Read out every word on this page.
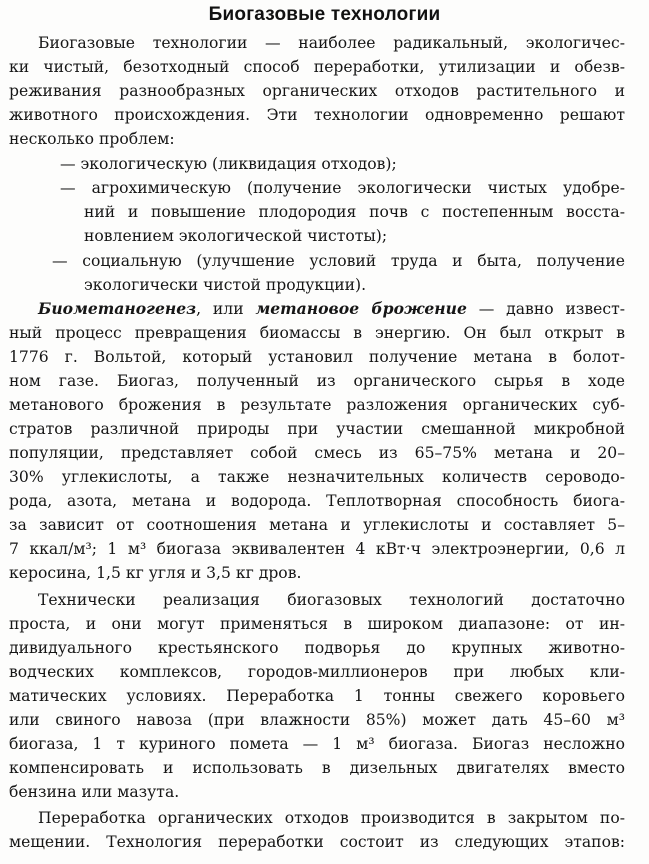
Биогазовые технологии
Биогазовые технологии — наиболее радикальный, экологичес-
ки чистый, безотходный способ переработки, утилизации и обезв-
реживания разнообразных органических отходов растительного и
животного происхождения. Эти технологии одновременно решают
несколько проблем:
— экологическую (ликвидация отходов);
— агрохимическую (получение экологически чистых удобре-
ний и повышение плодородия почв с постепенным восста-
новлением экологической чистоты);
— социальную (улучшение условий труда и быта, получение
экологически чистой продукции).
Биометаногенез, или метановое брожение — давно извест-
ный процесс превращения биомассы в энергию. Он был открыт в
1776 г. Вольтой, который установил получение метана в болот-
ном газе. Биогаз, полученный из органического сырья в ходе
метанового брожения в результате разложения органических суб-
стратов различной природы при участии смешанной микробной
популяции, представляет собой смесь из 65–75% метана и 20–
30% углекислоты, а также незначительных количеств сероводо-
рода, азота, метана и водорода. Теплотворная способность биога-
за зависит от соотношения метана и углекислоты и составляет 5–
7 ккал/м³; 1 м³ биогаза эквивалентен 4 кВт·ч электроэнергии, 0,6 л
керосина, 1,5 кг угля и 3,5 кг дров.
Технически реализация биогазовых технологий достаточно
проста, и они могут применяться в широком диапазоне: от ин-
дивидуального крестьянского подворья до крупных животно-
водческих комплексов, городов-миллионеров при любых кли-
матических условиях. Переработка 1 тонны свежего коровьего
или свиного навоза (при влажности 85%) может дать 45–60 м³
биогаза, 1 т куриного помета — 1 м³ биогаза. Биогаз несложно
компенсировать и использовать в дизельных двигателях вместо
бензина или мазута.
Переработка органических отходов производится в закрытом по-
мещении. Технология переработки состоит из следующих этапов:
